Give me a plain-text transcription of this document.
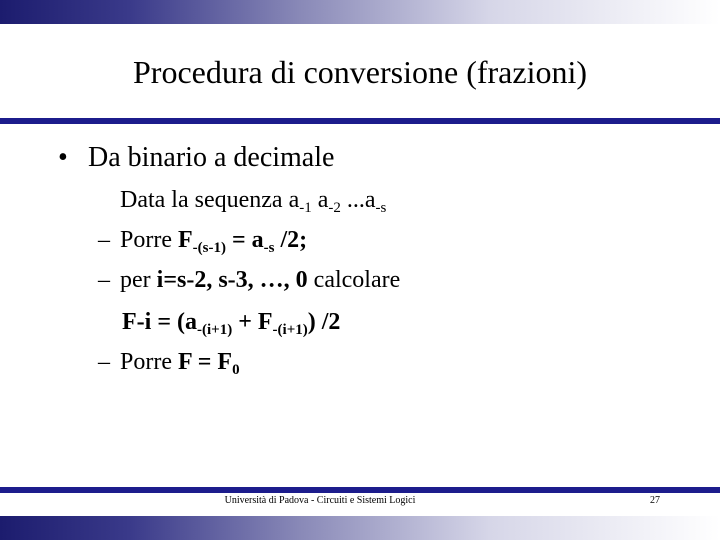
Procedura di conversione (frazioni)
• Da binario a decimale
Data la sequenza $a_{-1}$ $a_{-2}$ $...a_{-s}$
– Porre $F_{-(s-1)} = a_{-s}$ /2;
– per i=s-2, s-3, …, 0 calcolare
$F-i = (a_{-(i+1)} + F_{-(i+1)})$ /2
– Porre $F = F_0$
Università di Padova - Circuiti e Sistemi Logici	27
